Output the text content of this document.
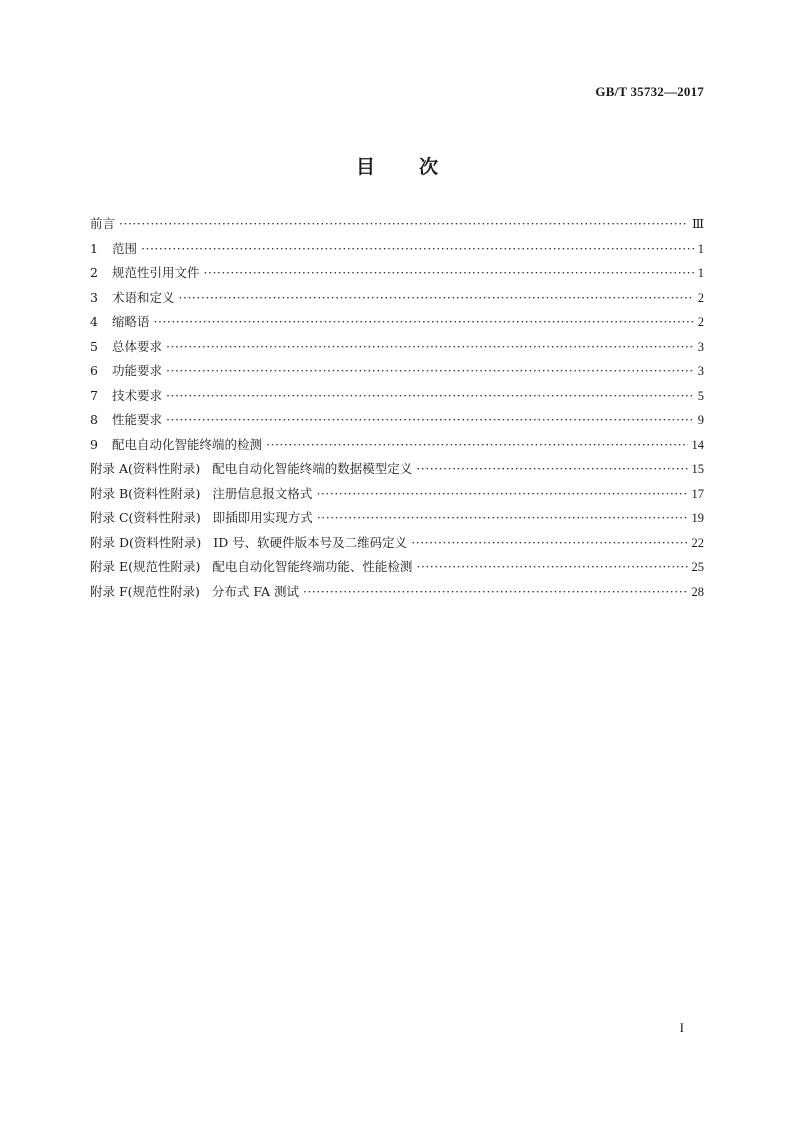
GB/T 35732—2017
目次
前言 ·····	Ⅲ
1 范围 ·····	1
2 规范性引用文件 ·····	1
3 术语和定义 ·····	2
4 缩略语 ·····	2
5 总体要求 ·····	3
6 功能要求 ·····	3
7 技术要求 ·····	5
8 性能要求 ·····	9
9 配电自动化智能终端的检测 ·····	14
附录 A(资料性附录) 配电自动化智能终端的数据模型定义 ·····	15
附录 B(资料性附录) 注册信息报文格式 ·····	17
附录 C(资料性附录) 即插即用实现方式 ·····	19
附录 D(资料性附录) ID 号、软硬件版本号及二维码定义 ·····	22
附录 E(规范性附录) 配电自动化智能终端功能、性能检测 ·····	25
附录 F(规范性附录) 分布式 FA 测试 ·····	28
I
